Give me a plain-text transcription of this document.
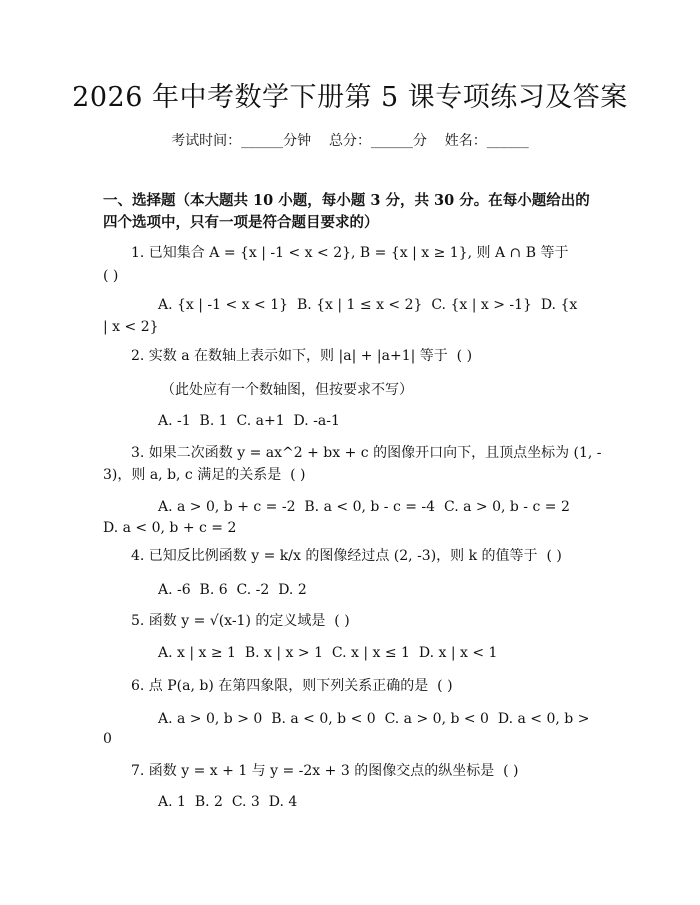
2026 年中考数学下册第 5 课专项练习及答案
考试时间：______分钟    总分：______分    姓名：______
一、选择题（本大题共 10 小题，每小题 3 分，共 30 分。在每小题给出的四个选项中，只有一项是符合题目要求的）
1. 已知集合 A = {x | -1 < x < 2}, B = {x | x ≥ 1}, 则 A ∩ B 等于
( )
A. {x | -1 < x < 1}  B. {x | 1 ≤ x < 2}  C. {x | x > -1}  D. {x
| x < 2}
2. 实数 a 在数轴上表示如下，则 |a| + |a+1| 等于  ( )
（此处应有一个数轴图，但按要求不写）
A. -1  B. 1  C. a+1  D. -a-1
3. 如果二次函数 y = ax^2 + bx + c 的图像开口向下，且顶点坐标为 (1, -
3)，则 a, b, c 满足的关系是  ( )
A. a > 0, b + c = -2  B. a < 0, b - c = -4  C. a > 0, b - c = 2
D. a < 0, b + c = 2
4. 已知反比例函数 y = k/x 的图像经过点 (2, -3)，则 k 的值等于  ( )
A. -6  B. 6  C. -2  D. 2
5. 函数 y = √(x-1) 的定义域是  ( )
A. x | x ≥ 1  B. x | x > 1  C. x | x ≤ 1  D. x | x < 1
6. 点 P(a, b) 在第四象限，则下列关系正确的是  ( )
A. a > 0, b > 0  B. a < 0, b < 0  C. a > 0, b < 0  D. a < 0, b >
0
7. 函数 y = x + 1 与 y = -2x + 3 的图像交点的纵坐标是  ( )
A. 1  B. 2  C. 3  D. 4
